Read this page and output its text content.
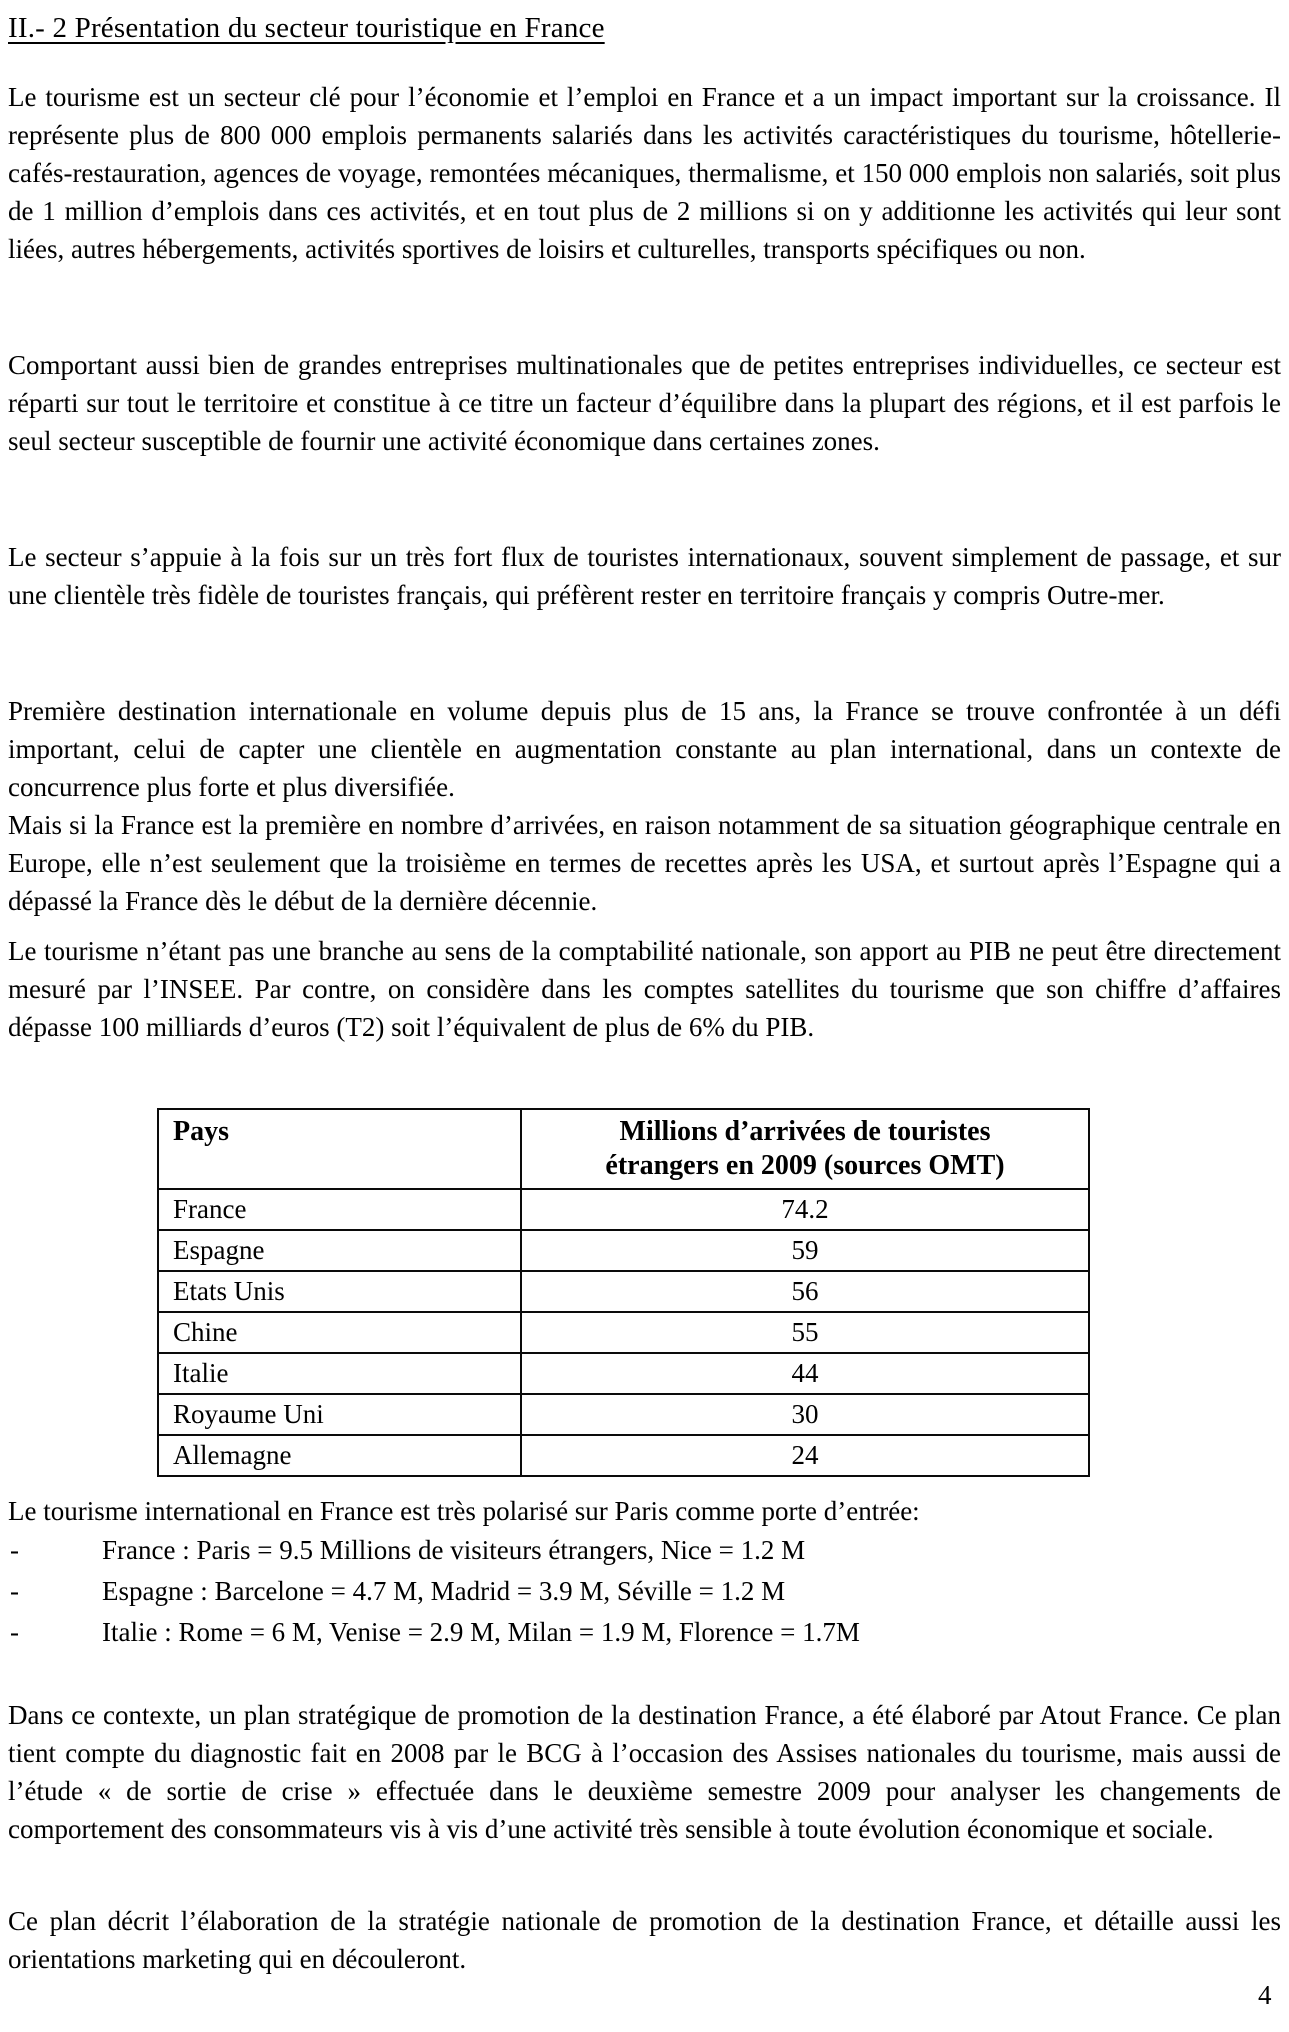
II.- 2 Présentation du secteur touristique en France
Le tourisme est un secteur clé pour l’économie et l’emploi en France et a un impact important sur la croissance. Il représente plus de 800 000 emplois permanents salariés dans les activités caractéristiques du tourisme, hôtellerie-cafés-restauration, agences de voyage, remontées mécaniques, thermalisme, et 150 000 emplois non salariés, soit plus de 1 million d’emplois dans ces activités, et en tout plus de 2 millions si on y additionne les activités qui leur sont liées, autres hébergements, activités sportives de loisirs et culturelles, transports spécifiques ou non.
Comportant aussi bien de grandes entreprises multinationales que de petites entreprises individuelles, ce secteur est réparti sur tout le territoire et constitue à ce titre un facteur d’équilibre dans la plupart des régions, et il est parfois le seul secteur susceptible de fournir une activité économique dans certaines zones.
Le secteur s’appuie à la fois sur un très fort flux de touristes internationaux, souvent simplement de passage, et sur une clientèle très fidèle de touristes français, qui préfèrent rester en territoire français y compris Outre-mer.
Première destination internationale en volume depuis plus de 15 ans, la France se trouve confrontée à un défi important, celui de capter une clientèle en augmentation constante au plan international, dans un contexte de concurrence plus forte et plus diversifiée.
Mais si la France est la première en nombre d’arrivées, en raison notamment de sa situation géographique centrale en Europe, elle n’est seulement que la troisième en termes de recettes après les USA, et surtout après l’Espagne qui a dépassé la France dès le début de la dernière décennie.
Le tourisme n’étant pas une branche au sens de la comptabilité nationale, son apport au PIB ne peut être directement mesuré par l’INSEE. Par contre, on considère dans les comptes satellites du tourisme que son chiffre d’affaires dépasse 100 milliards d’euros (T2) soit l’équivalent de plus de 6% du PIB.
Pays	Millions d’arrivées de touristes étrangers en 2009 (sources OMT)
France	74.2
Espagne	59
Etats Unis	56
Chine	55
Italie	44
Royaume Uni	30
Allemagne	24
Le tourisme international en France est très polarisé sur Paris comme porte d’entrée:
-	France : Paris = 9.5 Millions de visiteurs étrangers, Nice = 1.2 M
-	Espagne : Barcelone = 4.7 M, Madrid = 3.9 M, Séville = 1.2 M
-	Italie : Rome = 6 M, Venise = 2.9 M, Milan = 1.9 M, Florence = 1.7M
Dans ce contexte, un plan stratégique de promotion de la destination France, a été élaboré par Atout France. Ce plan tient compte du diagnostic fait en 2008 par le BCG à l’occasion des Assises nationales du tourisme, mais aussi de l’étude « de sortie de crise » effectuée dans le deuxième semestre 2009 pour analyser les changements de comportement des consommateurs vis à vis d’une activité très sensible à toute évolution économique et sociale.
Ce plan décrit l’élaboration de la stratégie nationale de promotion de la destination France, et détaille aussi les orientations marketing qui en découleront.
4
